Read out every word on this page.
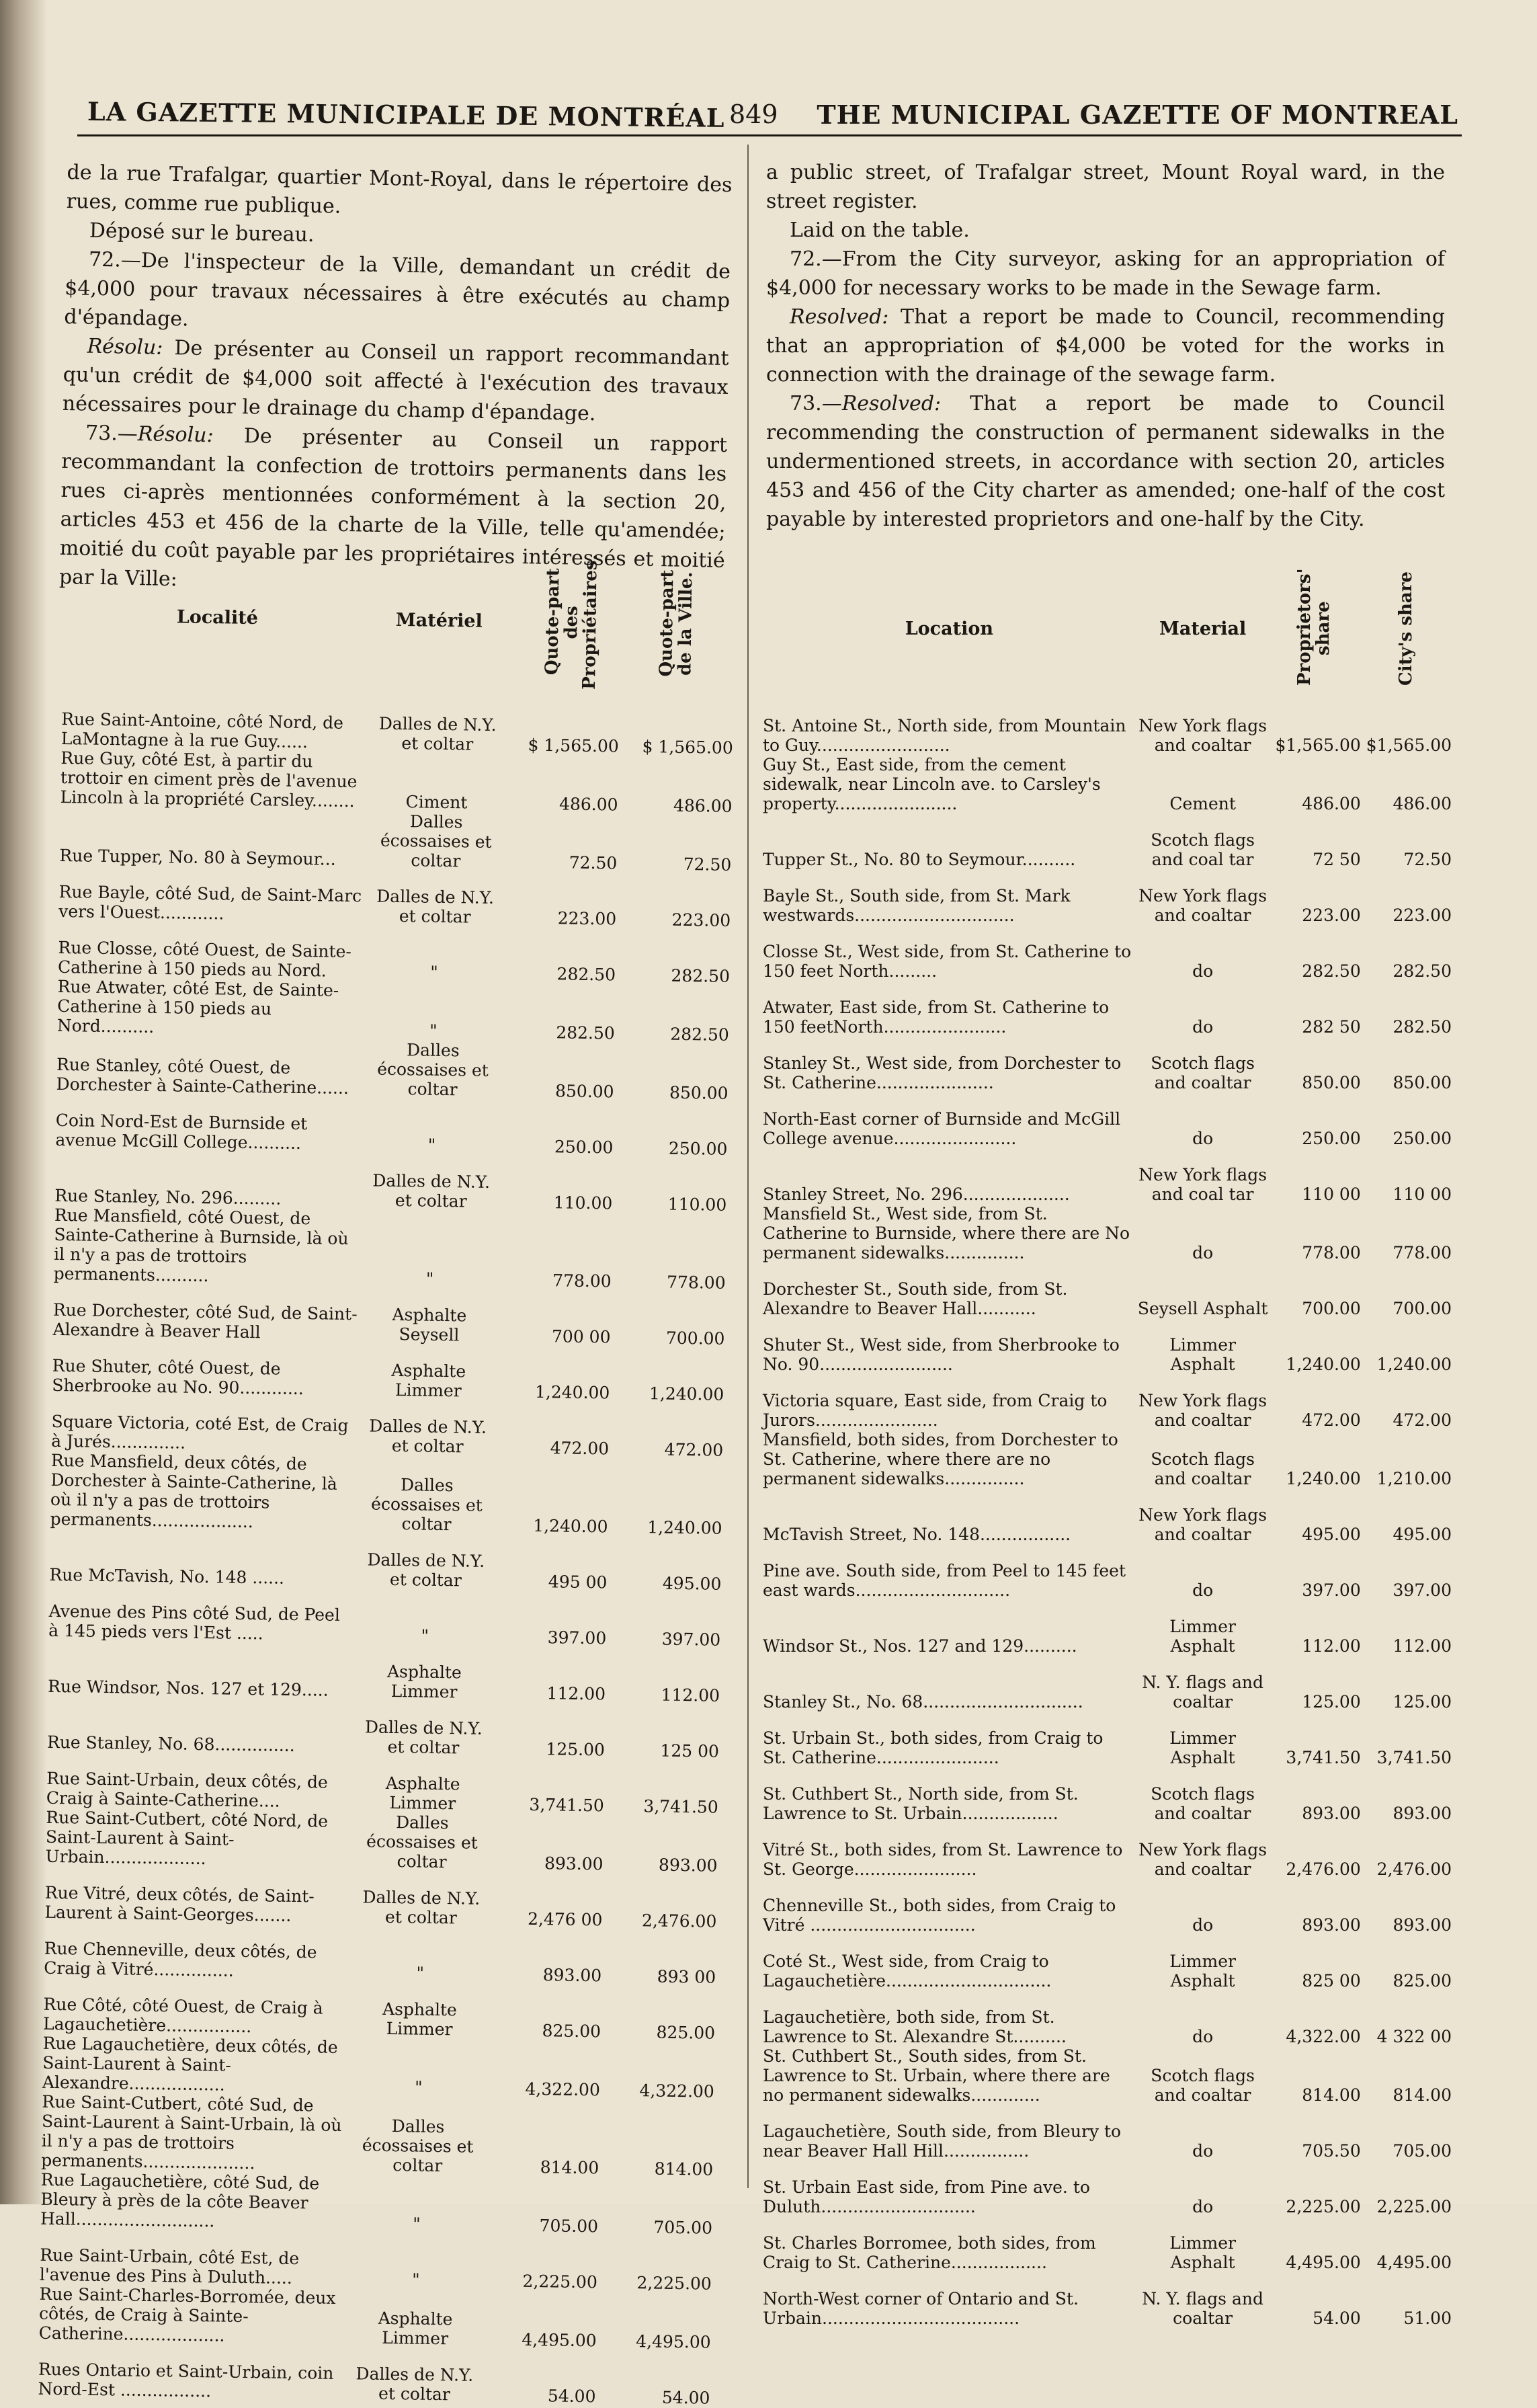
LA GAZETTE MUNICIPALE DE MONTRÉAL 849 THE MUNICIPAL GAZETTE OF MONTREAL

de la rue Trafalgar, quartier Mont-Royal, dans le répertoire des rues, comme rue publique.

Déposé sur le bureau.

72.—De l'inspecteur de la Ville, demandant un crédit de $4,000 pour travaux nécessaires à être exécutés au champ d'épandage.

Résolu: De présenter au Conseil un rapport recommandant qu'un crédit de $4,000 soit affecté à l'exécution des travaux nécessaires pour le drainage du champ d'épandage.

73.—Résolu: De présenter au Conseil un rapport recommandant la confection de trottoirs permanents dans les rues ci-après mentionnées conformément à la section 20, articles 453 et 456 de la charte de la Ville, telle qu'amendée; moitié du coût payable par les propriétaires intéressés et moitié par la Ville:

a public street, of Trafalgar street, Mount Royal ward, in the street register.

Laid on the table.

72.—From the City surveyor, asking for an appropriation of $4,000 for necessary works to be made in the Sewage farm.

Resolved: That a report be made to Council, recommending that an appropriation of $4,000 be voted for the works in connection with the drainage of the sewage farm.

73.—Resolved: That a report be made to Council recommending the construction of permanent sidewalks in the undermentioned streets, in accordance with section 20, articles 453 and 456 of the City charter as amended; one-half of the cost payable by interested proprietors and one-half by the City.

Localité	Matériel	Quote-part des Propriétaires.	Quote-part de la Ville.

Rue Saint-Antoine, côté Nord, de LaMontagne à la rue Guy......	Dalles de N.Y. et coltar	$ 1,565.00	$ 1,565.00
Rue Guy, côté Est, à partir du trottoir en ciment près de l'avenue Lincoln à la propriété Carsley........	Ciment	486.00	486.00
Rue Tupper, No. 80 à Seymour...	Dalles écossaises et coltar	72.50	72.50
Rue Bayle, côté Sud, de Saint-Marc vers l'Ouest............	Dalles de N.Y. et coltar	223.00	223.00
Rue Closse, côté Ouest, de Sainte-Catherine à 150 pieds au Nord.	"	282.50	282.50
Rue Atwater, côté Est, de Sainte-Catherine à 150 pieds au Nord..........	"	282.50	282.50
Rue Stanley, côté Ouest, de Dorchester à Sainte-Catherine......	Dalles écossaises et coltar	850.00	850.00
Coin Nord-Est de Burnside et avenue McGill College..........	"	250.00	250.00
Rue Stanley, No. 296.........	Dalles de N.Y. et coltar	110.00	110.00
Rue Mansfield, côté Ouest, de Sainte-Catherine à Burnside, là où il n'y a pas de trottoirs permanents..........	"	778.00	778.00
Rue Dorchester, côté Sud, de Saint-Alexandre à Beaver Hall	Asphalte Seysell	700 00	700.00
Rue Shuter, côté Ouest, de Sherbrooke au No. 90............	Asphalte Limmer	1,240.00	1,240.00
Square Victoria, coté Est, de Craig à Jurés..............	Dalles de N.Y. et coltar	472.00	472.00
Rue Mansfield, deux côtés, de Dorchester à Sainte-Catherine, là où il n'y a pas de trottoirs permanents...................	Dalles écossaises et coltar	1,240.00	1,240.00
Rue McTavish, No. 148 ......	Dalles de N.Y. et coltar	495 00	495.00
Avenue des Pins côté Sud, de Peel à 145 pieds vers l'Est .....	"	397.00	397.00
Rue Windsor, Nos. 127 et 129.....	Asphalte Limmer	112.00	112.00
Rue Stanley, No. 68...............	Dalles de N.Y. et coltar	125.00	125 00
Rue Saint-Urbain, deux côtés, de Craig à Sainte-Catherine....	Asphalte Limmer	3,741.50	3,741.50
Rue Saint-Cutbert, côté Nord, de Saint-Laurent à Saint-Urbain...................	Dalles écossaises et coltar	893.00	893.00
Rue Vitré, deux côtés, de Saint-Laurent à Saint-Georges.......	Dalles de N.Y. et coltar	2,476 00	2,476.00
Rue Chenneville, deux côtés, de Craig à Vitré...............	"	893.00	893 00
Rue Côté, côté Ouest, de Craig à Lagauchetière................	Asphalte Limmer	825.00	825.00
Rue Lagauchetière, deux côtés, de Saint-Laurent à Saint-Alexandre..................	"	4,322.00	4,322.00
Rue Saint-Cutbert, côté Sud, de Saint-Laurent à Saint-Urbain, là où il n'y a pas de trottoirs permanents.....................	Dalles écossaises et coltar	814.00	814.00
Rue Lagauchetière, côté Sud, de Bleury à près de la côte Beaver Hall..........................	"	705.00	705.00
Rue Saint-Urbain, côté Est, de l'avenue des Pins à Duluth.....	"	2,225.00	2,225.00
Rue Saint-Charles-Borromée, deux côtés, de Craig à Sainte-Catherine...................	Asphalte Limmer	4,495.00	4,495.00
Rues Ontario et Saint-Urbain, coin Nord-Est .................	Dalles de N.Y. et coltar	54.00	54.00
Location	Material	Proprietors' share	City's share

St. Antoine St., North side, from Mountain to Guy.........................	New York flags and coaltar	$1,565.00	$1,565.00
Guy St., East side, from the cement sidewalk, near Lincoln ave. to Carsley's property.......................	Cement	486.00	486.00
Tupper St., No. 80 to Seymour..........	Scotch flags and coal tar	72 50	72.50
Bayle St., South side, from St. Mark westwards..............................	New York flags and coaltar	223.00	223.00
Closse St., West side, from St. Catherine to 150 feet North.........	do	282.50	282.50
Atwater, East side, from St. Catherine to 150 feetNorth.......................	do	282 50	282.50
Stanley St., West side, from Dorchester to St. Catherine......................	Scotch flags and coaltar	850.00	850.00
North-East corner of Burnside and McGill College avenue.......................	do	250.00	250.00
Stanley Street, No. 296....................	New York flags and coal tar	110 00	110 00
Mansfield St., West side, from St. Catherine to Burnside, where there are No permanent sidewalks...............	do	778.00	778.00
Dorchester St., South side, from St. Alexandre to Beaver Hall...........	Seysell Asphalt	700.00	700.00
Shuter St., West side, from Sherbrooke to No. 90.........................	Limmer Asphalt	1,240.00	1,240.00
Victoria square, East side, from Craig to Jurors.......................	New York flags and coaltar	472.00	472.00
Mansfield, both sides, from Dorchester to St. Catherine, where there are no permanent sidewalks...............	Scotch flags and coaltar	1,240.00	1,210.00
McTavish Street, No. 148.................	New York flags and coaltar	495.00	495.00
Pine ave. South side, from Peel to 145 feet east wards.............................	do	397.00	397.00
Windsor St., Nos. 127 and 129..........	Limmer Asphalt	112.00	112.00
Stanley St., No. 68..............................	N. Y. flags and coaltar	125.00	125.00
St. Urbain St., both sides, from Craig to St. Catherine.......................	Limmer Asphalt	3,741.50	3,741.50
St. Cuthbert St., North side, from St. Lawrence to St. Urbain..................	Scotch flags and coaltar	893.00	893.00
Vitré St., both sides, from St. Lawrence to St. George.......................	New York flags and coaltar	2,476.00	2,476.00
Chenneville St., both sides, from Craig to Vitré ...............................	do	893.00	893.00
Coté St., West side, from Craig to Lagauchetière...............................	Limmer Asphalt	825 00	825.00
Lagauchetière, both side, from St. Lawrence to St. Alexandre St..........	do	4,322.00	4 322 00
St. Cuthbert St., South sides, from St. Lawrence to St. Urbain, where there are no permanent sidewalks.............	Scotch flags and coaltar	814.00	814.00
Lagauchetière, South side, from Bleury to near Beaver Hall Hill................	do	705.50	705.00
St. Urbain East side, from Pine ave. to Duluth.............................	do	2,225.00	2,225.00
St. Charles Borromee, both sides, from Craig to St. Catherine..................	Limmer Asphalt	4,495.00	4,495.00
North-West corner of Ontario and St. Urbain.....................................	N. Y. flags and coaltar	54.00	51.00
